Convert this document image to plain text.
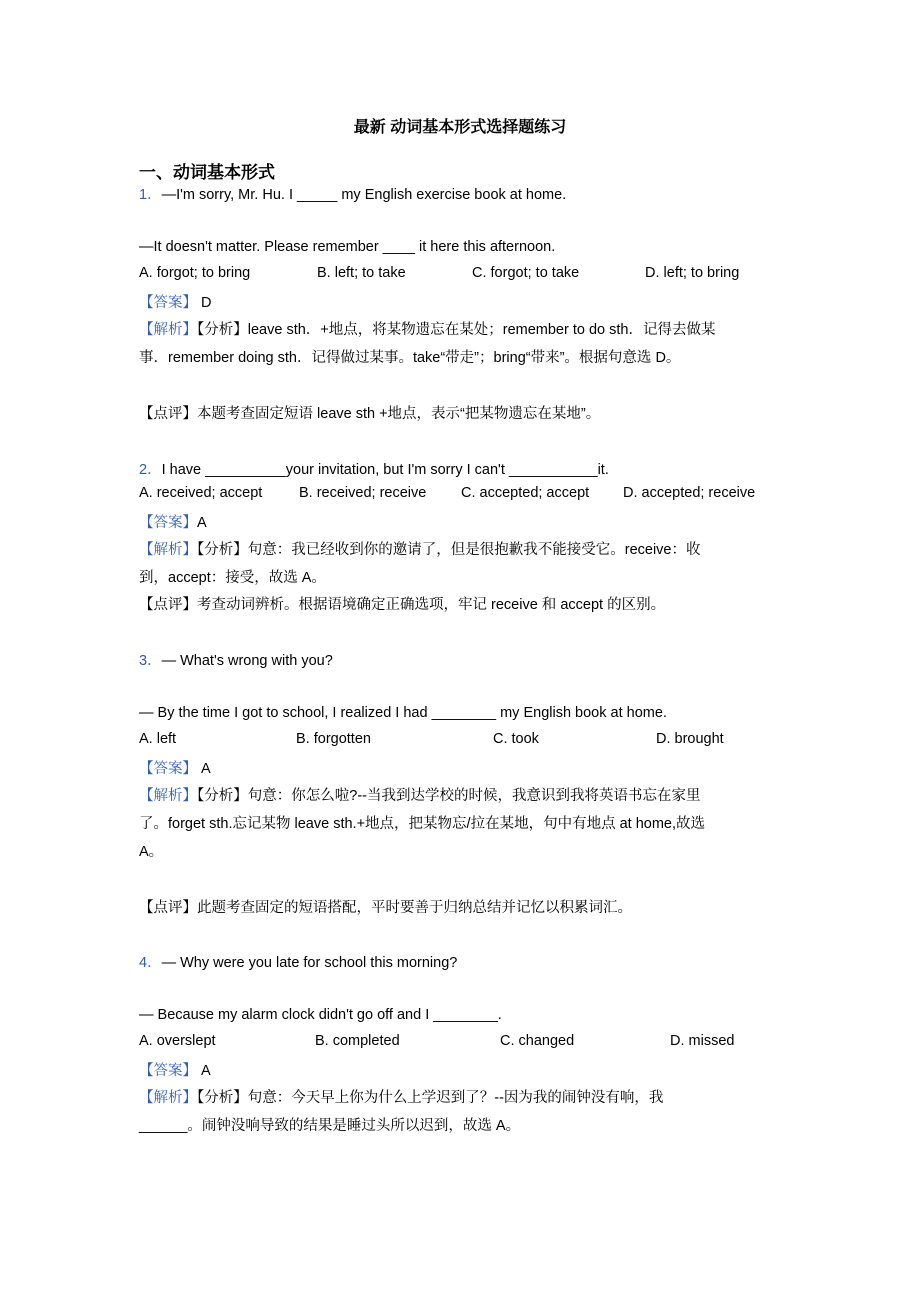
最新 动词基本形式选择题练习
一、动词基本形式
1．—I'm sorry, Mr. Hu. I _____ my English exercise book at home.
—It doesn't matter. Please remember ____ it here this afternoon.
A. forgot; to bring	B. left; to take	C. forgot; to take	D. left; to bring
【答案】 D
【解析】【分析】leave sth．+地点，将某物遗忘在某处；remember to do sth．记得去做某
事．remember doing sth．记得做过某事。take“带走”；bring“带来”。根据句意选 D。
【点评】本题考查固定短语 leave sth +地点，表示“把某物遗忘在某地”。
2．I have __________your invitation, but I'm sorry I can't ___________it.
A. received; accept	B. received; receive C. accepted; accept D. accepted; receive
【答案】A
【解析】【分析】句意：我已经收到你的邀请了，但是很抱歉我不能接受它。receive：收
到，accept：接受，故选 A。
【点评】考查动词辨析。根据语境确定正确选项，牢记 receive 和 accept 的区别。
3．— What's wrong with you?
— By the time I got to school, I realized I had ________ my English book at home.
A. left	B. forgotten	C. took	D. brought
【答案】 A
【解析】【分析】句意：你怎么啦?--当我到达学校的时候，我意识到我将英语书忘在家里
了。forget sth.忘记某物 leave sth.+地点，把某物忘/拉在某地，句中有地点 at home,故选
A。
【点评】此题考查固定的短语搭配，平时要善于归纳总结并记忆以积累词汇。
4．— Why were you late for school this morning?
— Because my alarm clock didn't go off and I ________.
A. overslept	B. completed	C. changed	D. missed
【答案】 A
【解析】【分析】句意：今天早上你为什么上学迟到了？--因为我的闹钟没有响，我
______。闹钟没响导致的结果是睡过头所以迟到，故选 A。
